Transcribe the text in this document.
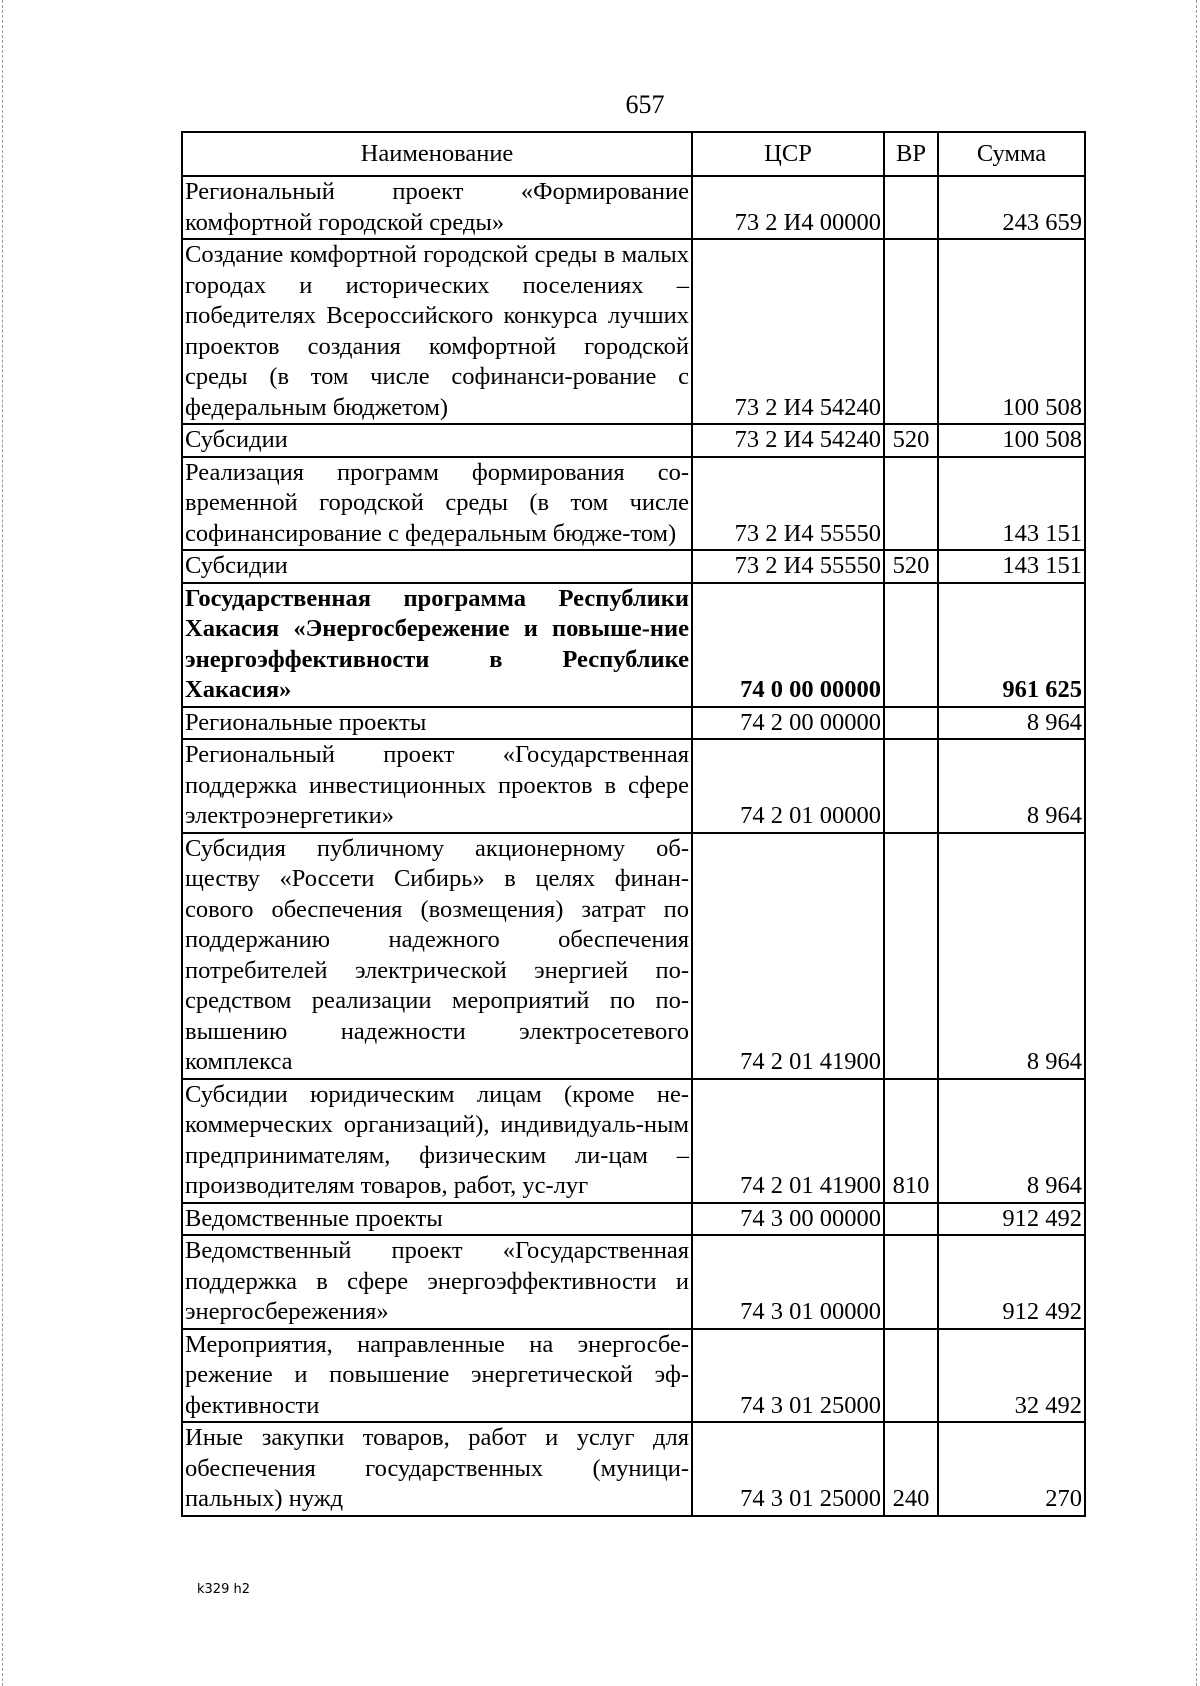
657
Наименование	ЦСР	ВР	Сумма
Региональный проект «Формирование комфортной городской среды»	73 2 И4 00000		243 659
Создание комфортной городской среды в малых городах и исторических поселениях – победителях Всероссийского конкурса лучших проектов создания комфортной городской среды (в том числе софинанси-рование с федеральным бюджетом)	73 2 И4 54240		100 508
Субсидии	73 2 И4 54240	520	100 508
Реализация программ формирования со-временной городской среды (в том числе софинансирование с федеральным бюдже-том)	73 2 И4 55550		143 151
Субсидии	73 2 И4 55550	520	143 151
Государственная программа Республики Хакасия «Энергосбережение и повыше-ние энергоэффективности в Республике Хакасия»	74 0 00 00000		961 625
Региональные проекты	74 2 00 00000		8 964
Региональный проект «Государственная поддержка инвестиционных проектов в сфере электроэнергетики»	74 2 01 00000		8 964
Субсидия публичному акционерному об-ществу «Россети Сибирь» в целях финан-сового обеспечения (возмещения) затрат по поддержанию надежного обеспечения потребителей электрической энергией по-средством реализации мероприятий по по-вышению надежности электросетевого комплекса	74 2 01 41900		8 964
Субсидии юридическим лицам (кроме не-коммерческих организаций), индивидуаль-ным предпринимателям, физическим ли-цам – производителям товаров, работ, ус-луг	74 2 01 41900	810	8 964
Ведомственные проекты	74 3 00 00000		912 492
Ведомственный проект «Государственная поддержка в сфере энергоэффективности и энергосбережения»	74 3 01 00000		912 492
Мероприятия, направленные на энергосбе-режение и повышение энергетической эф-фективности	74 3 01 25000		32 492
Иные закупки товаров, работ и услуг для обеспечения государственных (муници-пальных) нужд	74 3 01 25000	240	270
k329 h2
